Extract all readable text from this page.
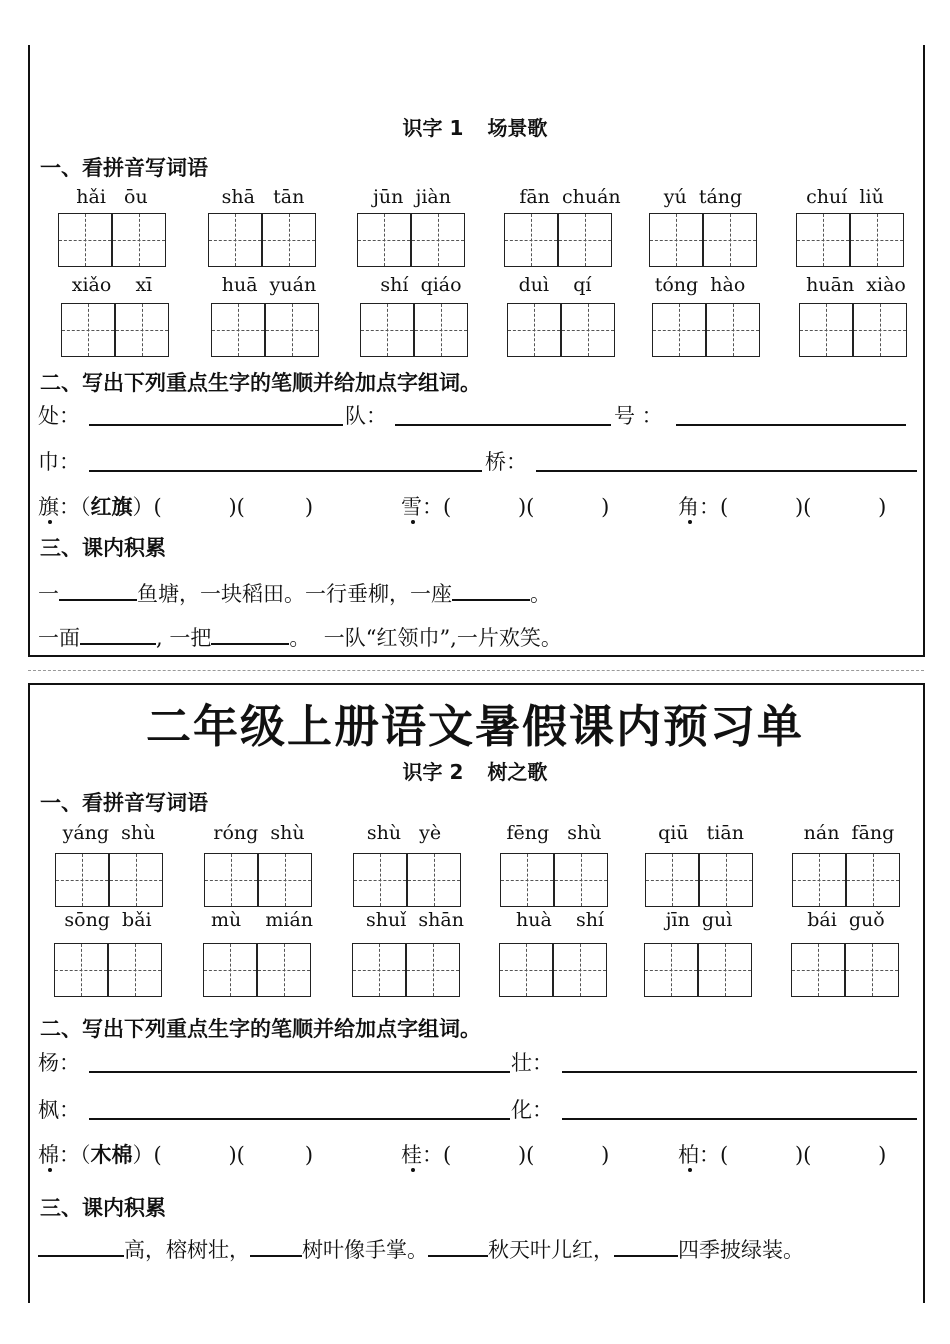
识字 1 场景歌
一、看拼音写词语
hǎi   ōu	shā   tān	jūn  jiàn	fān  chuán	yú  táng	chuí  liǔ
xiǎo    xī	huā  yuán	shí  qiáo	duì    qí	tóng  hào	huān  xiào
二、写出下列重点生字的笔顺并给加点字组词。
处：	队：	号 ：
巾：	桥：
旗：（红旗）(          )(         )	雪：(          )(          )	角：(          )(          )
三、课内积累
一	鱼塘，一块稻田。一行垂柳，一座	。
一面	, 一把	。  一队“红领巾”,一片欢笑。
二年级上册语文暑假课内预习单
识字 2 树之歌
一、看拼音写词语
yáng  shù	róng  shù	shù   yè	fēng   shù	qiū   tiān	nán  fāng
sōng  bǎi	mù    mián	shuǐ  shān	huà    shí	jīn  guì	bái  guǒ
二、写出下列重点生字的笔顺并给加点字组词。
杨：	壮：
枫：	化：
棉：（木棉）(          )(         )	桂：(          )(          )	柏：(          )(          )
三、课内积累
高，榕树壮， 树叶像手掌。	秋天叶儿红，	四季披绿装。
